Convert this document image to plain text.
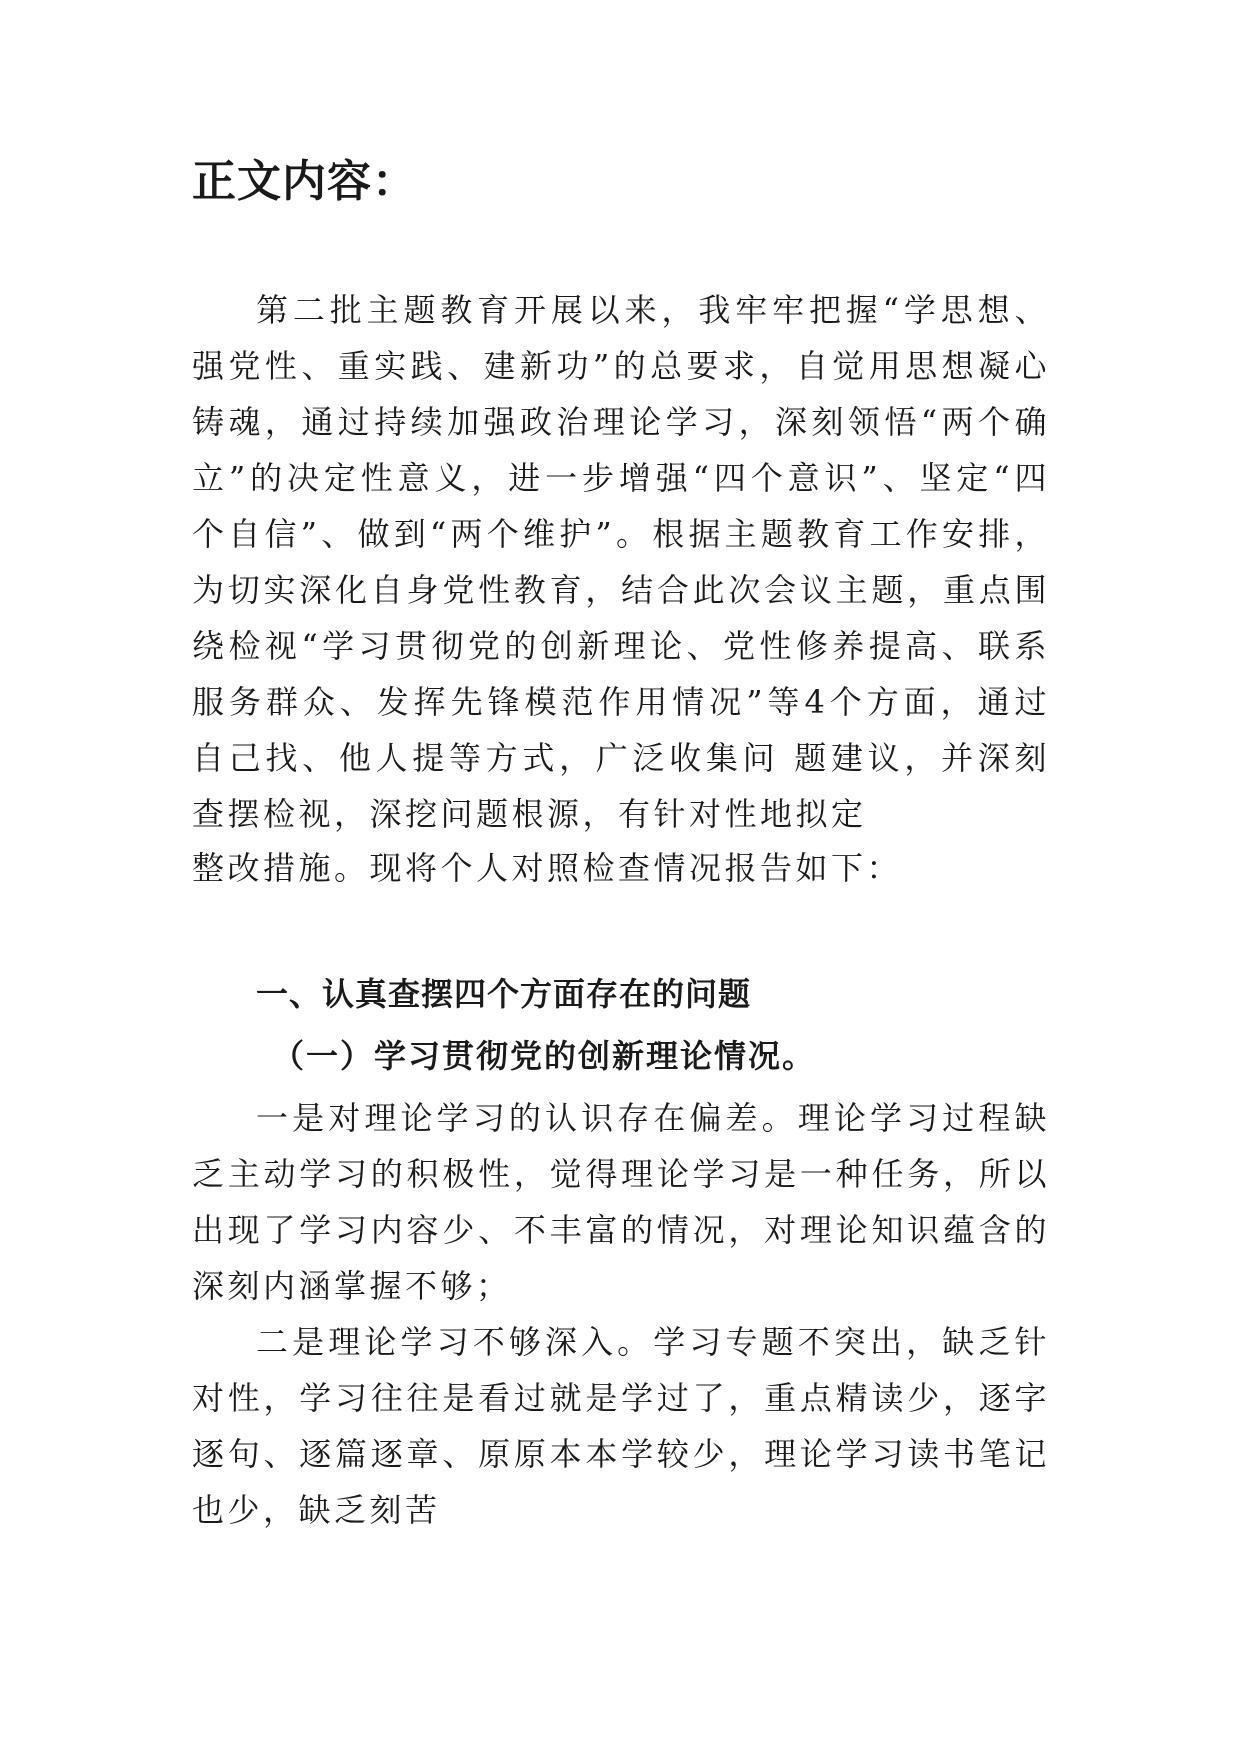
正文内容：

第二批主题教育开展以来，我牢牢把握“学思想、强党性、重实践、建新功”的总要求，自觉用思想凝心铸魂，通过持续加强政治理论学习，深刻领悟“两个确立”的决定性意义，进一步增强“四个意识”、坚定“四个自信”、做到“两个维护”。根据主题教育工作安排，为切实深化自身党性教育，结合此次会议主题，重点围绕检视“学习贯彻党的创新理论、党性修养提高、联系服务群众、发挥先锋模范作用情况”等4个方面，通过自己找、他人提等方式，广泛收集问 题建议，并深刻查摆检视，深挖问题根源，有针对性地拟定

整改措施。现将个人对照检查情况报告如下：

一、认真查摆四个方面存在的问题
（一）学习贯彻党的创新理论情况。

一是对理论学习的认识存在偏差。理论学习过程缺乏主动学习的积极性，觉得理论学习是一种任务，所以出现了学习内容少、不丰富的情况，对理论知识蕴含的深刻内涵掌握不够；

二是理论学习不够深入。学习专题不突出，缺乏针对性，学习往往是看过就是学过了，重点精读少，逐字逐句、逐篇逐章、原原本本学较少，理论学习读书笔记也少，缺乏刻苦
